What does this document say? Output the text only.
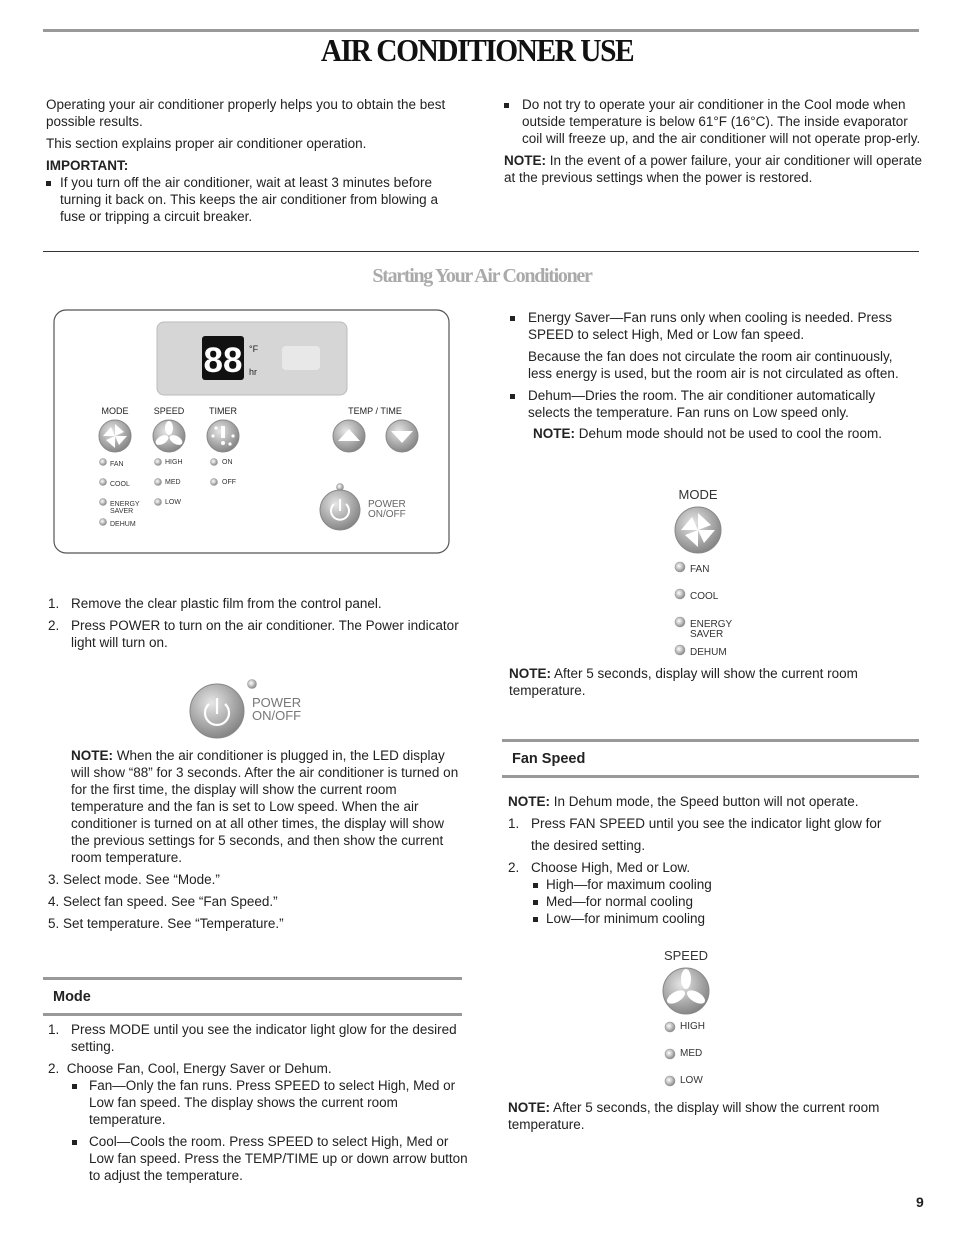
AIR CONDITIONER USE

Operating your air conditioner properly helps you to obtain the best possible results.

This section explains proper air conditioner operation.

IMPORTANT:

If you turn off the air conditioner, wait at least 3 minutes before turning it back on. This keeps the air conditioner from blowing a fuse or tripping a circuit breaker.

Do not try to operate your air conditioner in the Cool mode when outside temperature is below 61°F (16°C). The inside evaporator coil will freeze up, and the air conditioner will not operate prop-erly.

NOTE: In the event of a power failure, your air conditioner will operate at the previous settings when the power is restored.

Starting Your Air Conditioner
88 °F
hr
MODE	SPEED	TIMER	TEMP / TIME
FAN
COOL
ENERGY
SAVER
DEHUM
HIGH
MED
LOW
ON
OFF
POWER
ON/OFF

1. Remove the clear plastic film from the control panel.

2. Press POWER to turn on the air conditioner. The Power indicator light will turn on.

POWER
ON/OFF

NOTE: When the air conditioner is plugged in, the LED display will show “88” for 3 seconds. After the air conditioner is turned on for the first time, the display will show the current room temperature and the fan is set to Low speed. When the air conditioner is turned on at all other times, the display will show the previous settings for 5 seconds, and then show the current room temperature.

3. Select mode. See “Mode.”

4. Select fan speed. See “Fan Speed.”

5. Set temperature. See “Temperature.”

Mode

1. Press MODE until you see the indicator light glow for the desired setting.

2.  Choose Fan, Cool, Energy Saver or Dehum.

Fan—Only the fan runs. Press SPEED to select High, Med or Low fan speed. The display shows the current room temperature.

Cool—Cools the room. Press SPEED to select High, Med or Low fan speed. Press the TEMP/TIME up or down arrow button to adjust the temperature.

Energy Saver—Fan runs only when cooling is needed. Press SPEED to select High, Med or Low fan speed.

Because the fan does not circulate the room air continuously, less energy is used, but the room air is not circulated as often.

Dehum—Dries the room. The air conditioner automatically selects the temperature. Fan runs on Low speed only.

NOTE: Dehum mode should not be used to cool the room.

MODE
FAN
COOL
ENERGY
SAVER
DEHUM

NOTE: After 5 seconds, display will show the current room temperature.

Fan Speed

NOTE: In Dehum mode, the Speed button will not operate.

1. Press FAN SPEED until you see the indicator light glow for

the desired setting.

2. Choose High, Med or Low.

High—for maximum cooling

Med—for normal cooling

Low—for minimum cooling

SPEED
HIGH
MED
LOW

NOTE: After 5 seconds, the display will show the current room temperature.

9
